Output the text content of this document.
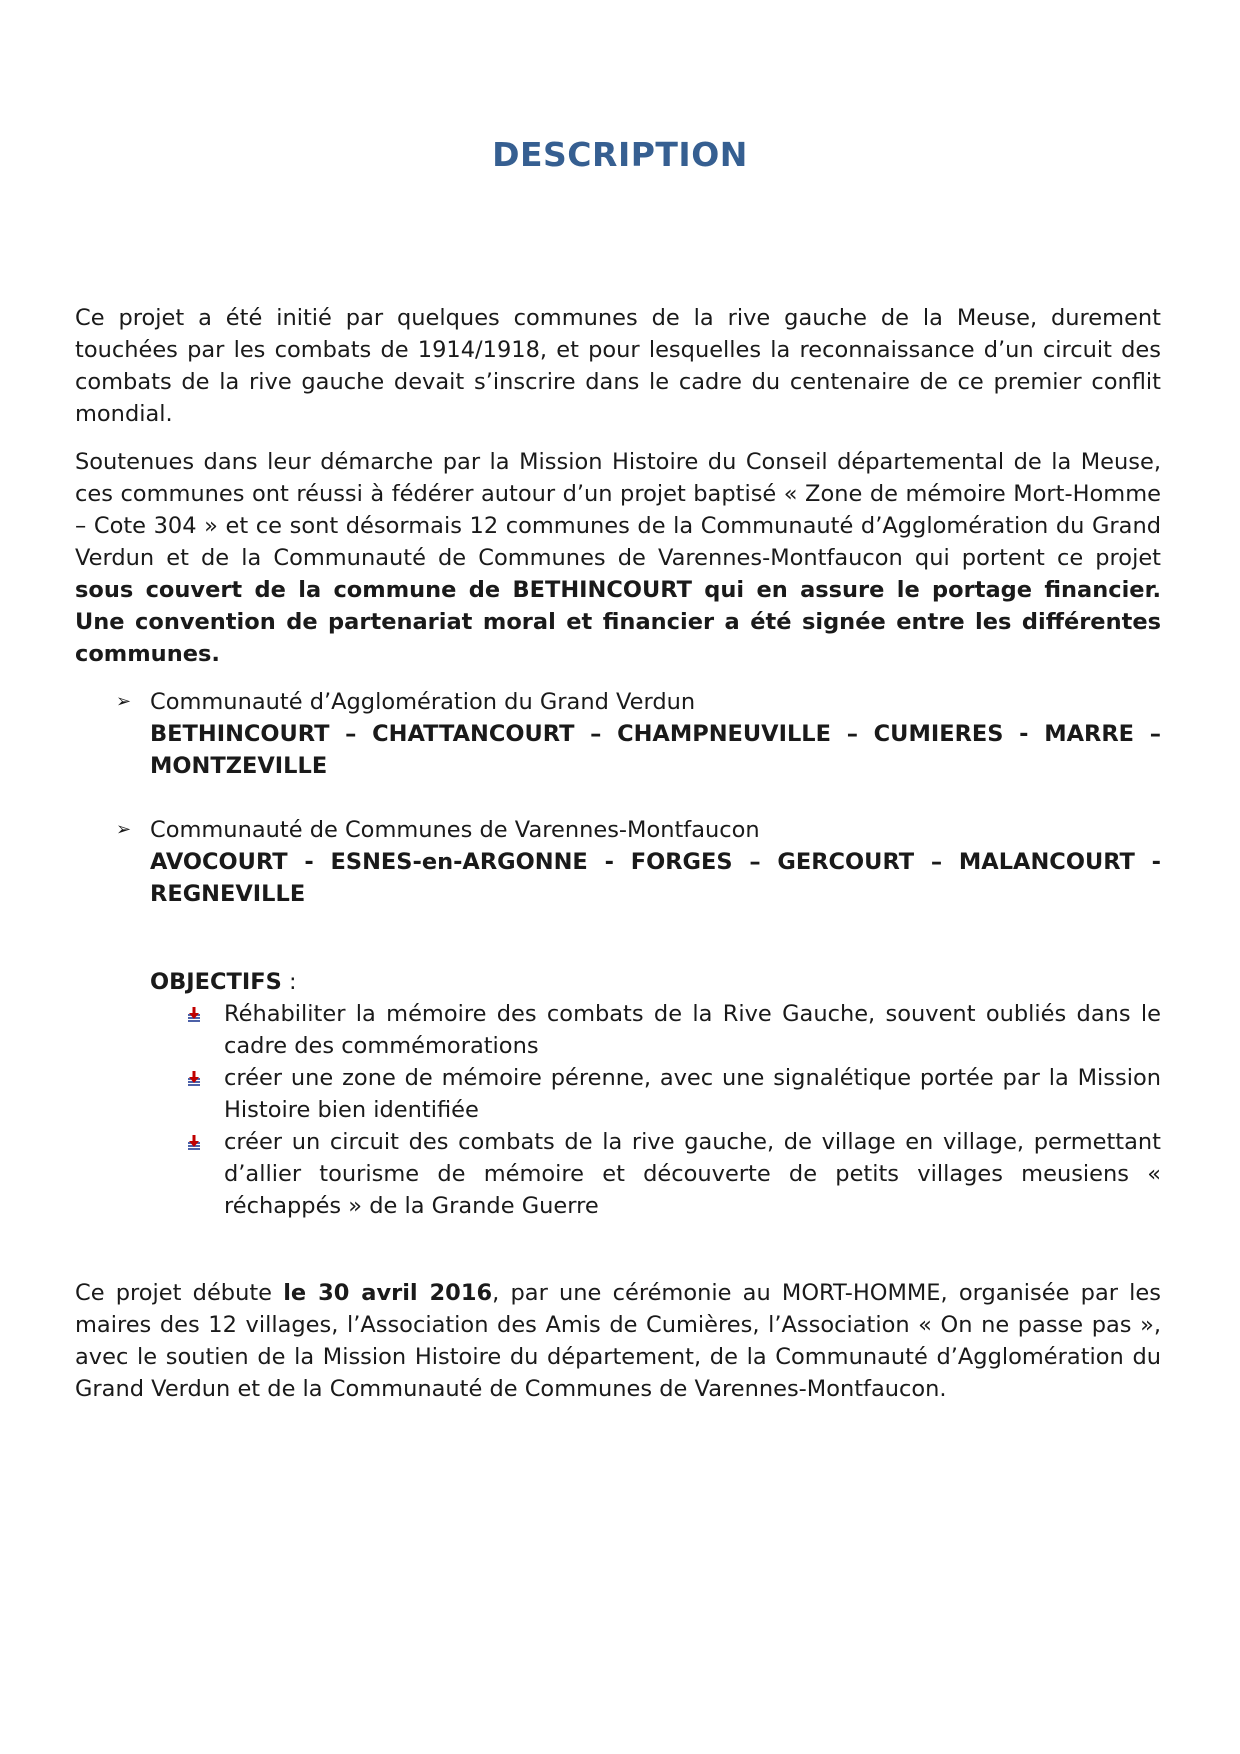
DESCRIPTION

Ce projet a été initié par quelques communes de la rive gauche de la Meuse, durement touchées par les combats de 1914/1918, et pour lesquelles la reconnaissance d’un circuit des combats de la rive gauche devait s’inscrire dans le cadre du centenaire de ce premier conflit mondial.

Soutenues dans leur démarche par la Mission Histoire du Conseil départemental de la Meuse, ces communes ont réussi à fédérer autour d’un projet baptisé « Zone de mémoire Mort-Homme – Cote 304 » et ce sont désormais 12 communes de la Communauté d’Agglomération du Grand Verdun et de la Communauté de Communes de Varennes-Montfaucon qui portent ce projet sous couvert de la commune de BETHINCOURT qui en assure le portage financier. Une convention de partenariat moral et financier a été signée entre les différentes communes.

➢ Communauté d’Agglomération du Grand Verdun
BETHINCOURT – CHATTANCOURT – CHAMPNEUVILLE – CUMIERES - MARRE – MONTZEVILLE
➢ Communauté de Communes de Varennes-Montfaucon
AVOCOURT - ESNES-en-ARGONNE - FORGES – GERCOURT – MALANCOURT - REGNEVILLE
OBJECTIFS :
Réhabiliter la mémoire des combats de la Rive Gauche, souvent oubliés dans le cadre des commémorations
créer une zone de mémoire pérenne, avec une signalétique portée par la Mission Histoire bien identifiée
créer un circuit des combats de la rive gauche, de village en village, permettant d’allier tourisme de mémoire et découverte de petits villages meusiens « réchappés » de la Grande Guerre

Ce projet débute le 30 avril 2016, par une cérémonie au MORT-HOMME, organisée par les maires des 12 villages, l’Association des Amis de Cumières, l’Association « On ne passe pas », avec le soutien de la Mission Histoire du département, de la Communauté d’Agglomération du Grand Verdun et de la Communauté de Communes de Varennes-Montfaucon.
